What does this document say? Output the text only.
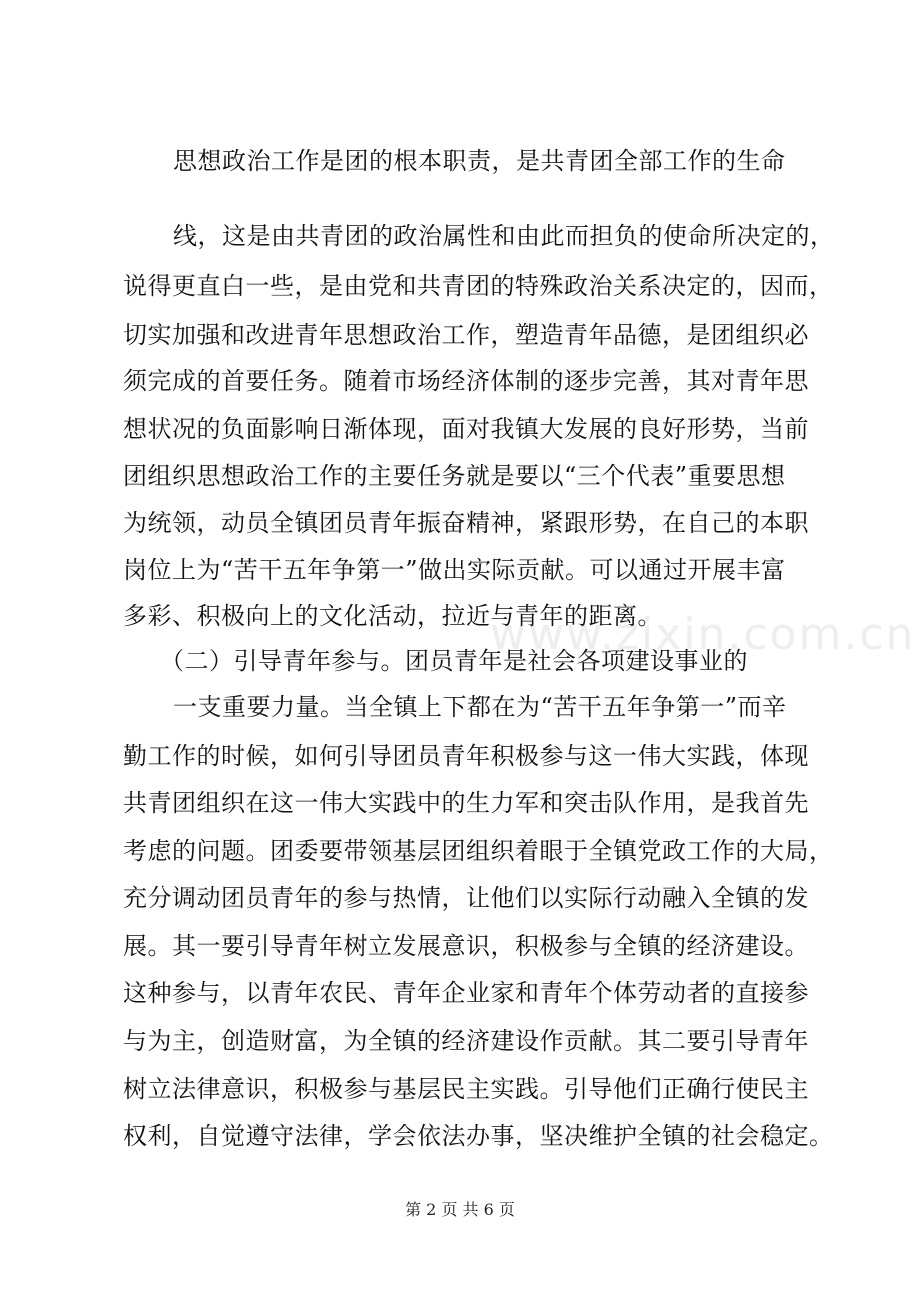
思想政治工作是团的根本职责，是共青团全部工作的生命
线，这是由共青团的政治属性和由此而担负的使命所决定的，
说得更直白一些，是由党和共青团的特殊政治关系决定的，因而，
切实加强和改进青年思想政治工作，塑造青年品德，是团组织必
须完成的首要任务。随着市场经济体制的逐步完善，其对青年思
想状况的负面影响日渐体现，面对我镇大发展的良好形势，当前
团组织思想政治工作的主要任务就是要以“三个代表”重要思想
为统领，动员全镇团员青年振奋精神，紧跟形势，在自己的本职
岗位上为“苦干五年争第一”做出实际贡献。可以通过开展丰富
多彩、积极向上的文化活动，拉近与青年的距离。
（二）引导青年参与。团员青年是社会各项建设事业的
一支重要力量。当全镇上下都在为“苦干五年争第一”而辛
勤工作的时候，如何引导团员青年积极参与这一伟大实践，体现
共青团组织在这一伟大实践中的生力军和突击队作用，是我首先
考虑的问题。团委要带领基层团组织着眼于全镇党政工作的大局，
充分调动团员青年的参与热情，让他们以实际行动融入全镇的发
展。其一要引导青年树立发展意识，积极参与全镇的经济建设。
这种参与，以青年农民、青年企业家和青年个体劳动者的直接参
与为主，创造财富，为全镇的经济建设作贡献。其二要引导青年
树立法律意识，积极参与基层民主实践。引导他们正确行使民主
权利，自觉遵守法律，学会依法办事，坚决维护全镇的社会稳定。
www.zixin.com.cn
第 2 页 共 6 页
